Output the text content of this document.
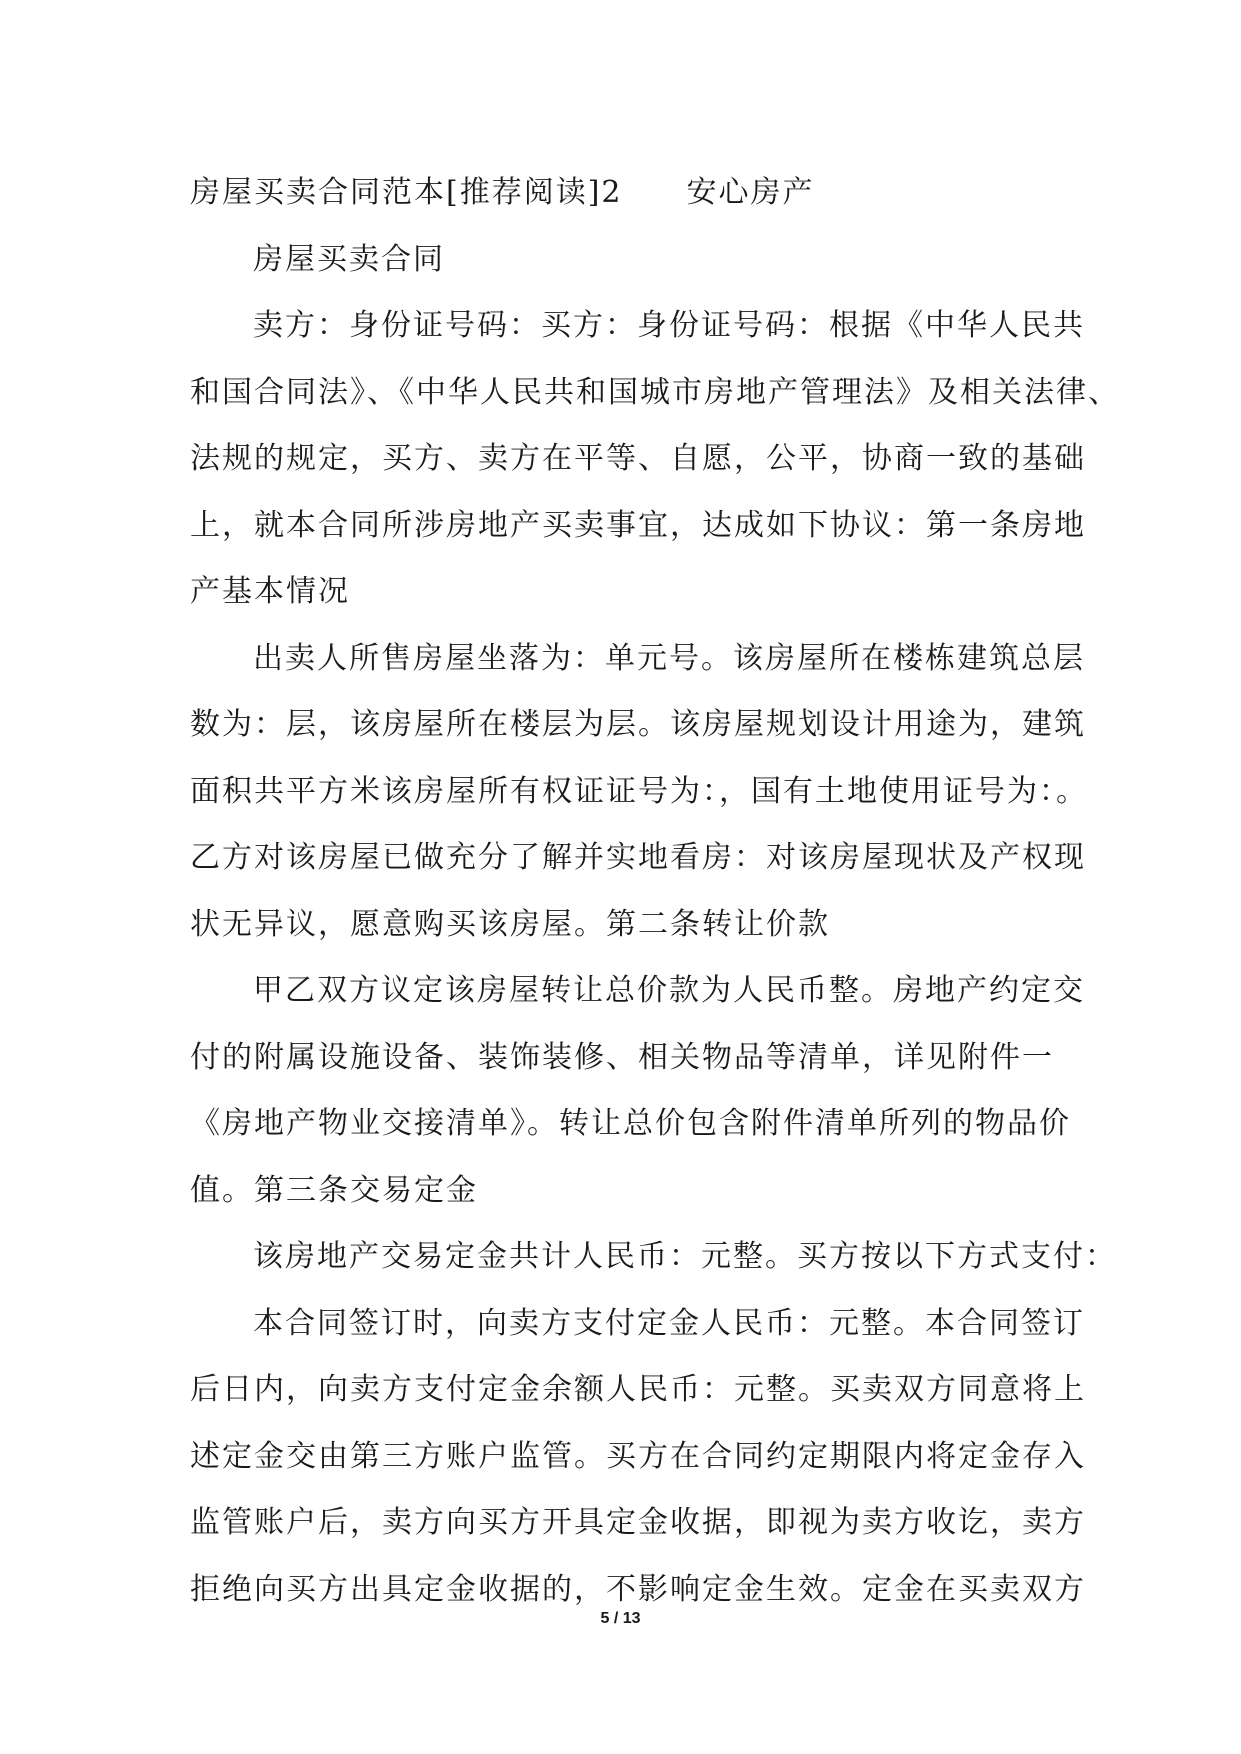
房屋买卖合同范本[推荐阅读]2 安心房产
房屋买卖合同
卖方：身份证号码：买方：身份证号码：根据《中华人民共
和国合同法》、《中华人民共和国城市房地产管理法》及相关法律、
法规的规定，买方、卖方在平等、自愿，公平，协商一致的基础
上，就本合同所涉房地产买卖事宜，达成如下协议：第一条房地
产基本情况
出卖人所售房屋坐落为：单元号。该房屋所在楼栋建筑总层
数为：层，该房屋所在楼层为层。该房屋规划设计用途为，建筑
面积共平方米该房屋所有权证证号为：，国有土地使用证号为：。
乙方对该房屋已做充分了解并实地看房：对该房屋现状及产权现
状无异议，愿意购买该房屋。第二条转让价款
甲乙双方议定该房屋转让总价款为人民币整。房地产约定交
付的附属设施设备、装饰装修、相关物品等清单，详见附件一
《房地产物业交接清单》。转让总价包含附件清单所列的物品价
值。第三条交易定金
该房地产交易定金共计人民币：元整。买方按以下方式支付：
本合同签订时，向卖方支付定金人民币：元整。本合同签订
后日内，向卖方支付定金余额人民币：元整。买卖双方同意将上
述定金交由第三方账户监管。买方在合同约定期限内将定金存入
监管账户后，卖方向买方开具定金收据，即视为卖方收讫，卖方
拒绝向买方出具定金收据的，不影响定金生效。定金在买卖双方
5 / 13
